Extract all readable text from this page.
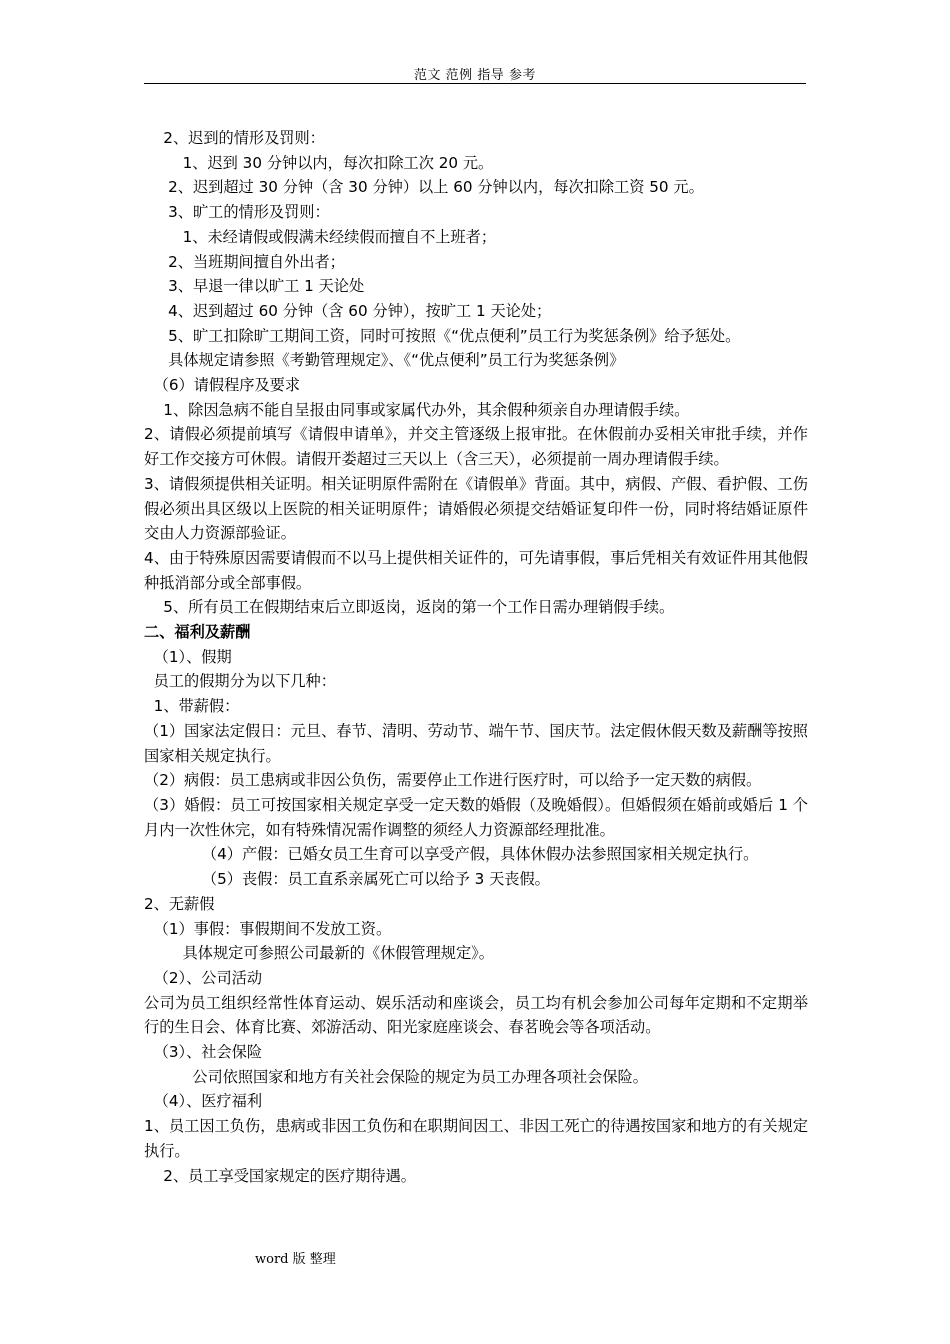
范文 范例 指导 参考

2、迟到的情形及罚则：

1、迟到 30 分钟以内，每次扣除工次 20 元。

2、迟到超过 30 分钟（含 30 分钟）以上 60 分钟以内，每次扣除工资 50 元。

3、旷工的情形及罚则：

1、未经请假或假满未经续假而擅自不上班者；

2、当班期间擅自外出者；

3、早退一律以旷工 1 天论处

4、迟到超过 60 分钟（含 60 分钟），按旷工 1 天论处；

5、旷工扣除旷工期间工资，同时可按照《“优点便利”员工行为奖惩条例》给予惩处。

具体规定请参照《考勤管理规定》、《“优点便利”员工行为奖惩条例》

（6）请假程序及要求

1、除因急病不能自呈报由同事或家属代办外，其余假种须亲自办理请假手续。

2、请假必须提前填写《请假申请单》，并交主管逐级上报审批。在休假前办妥相关审批手续，并作好工作交接方可休假。请假开娄超过三天以上（含三天），必须提前一周办理请假手续。

3、请假须提供相关证明。相关证明原件需附在《请假单》背面。其中，病假、产假、看护假、工伤假必须出具区级以上医院的相关证明原件；请婚假必须提交结婚证复印件一份，同时将结婚证原件交由人力资源部验证。

4、由于特殊原因需要请假而不以马上提供相关证件的，可先请事假，事后凭相关有效证件用其他假种抵消部分或全部事假。

5、所有员工在假期结束后立即返岗，返岗的第一个工作日需办理销假手续。

二、福利及薪酬

（1）、假期

员工的假期分为以下几种：

1、带薪假：

（1）国家法定假日：元旦、春节、清明、劳动节、端午节、国庆节。法定假休假天数及薪酬等按照国家相关规定执行。

（2）病假：员工患病或非因公负伤，需要停止工作进行医疗时，可以给予一定天数的病假。

（3）婚假：员工可按国家相关规定享受一定天数的婚假（及晚婚假）。但婚假须在婚前或婚后 1 个月内一次性休完，如有特殊情况需作调整的须经人力资源部经理批准。

（4）产假：已婚女员工生育可以享受产假，具体休假办法参照国家相关规定执行。

（5）丧假：员工直系亲属死亡可以给予 3 天丧假。

2、无薪假

（1）事假：事假期间不发放工资。

具体规定可参照公司最新的《休假管理规定》。

（2）、公司活动

公司为员工组织经常性体育运动、娱乐活动和座谈会，员工均有机会参加公司每年定期和不定期举行的生日会、体育比赛、郊游活动、阳光家庭座谈会、春茗晚会等各项活动。

（3）、社会保险

公司依照国家和地方有关社会保险的规定为员工办理各项社会保险。

（4）、医疗福利

1、员工因工负伤，患病或非因工负伤和在职期间因工、非因工死亡的待遇按国家和地方的有关规定执行。

2、员工享受国家规定的医疗期待遇。

word 版 整理
